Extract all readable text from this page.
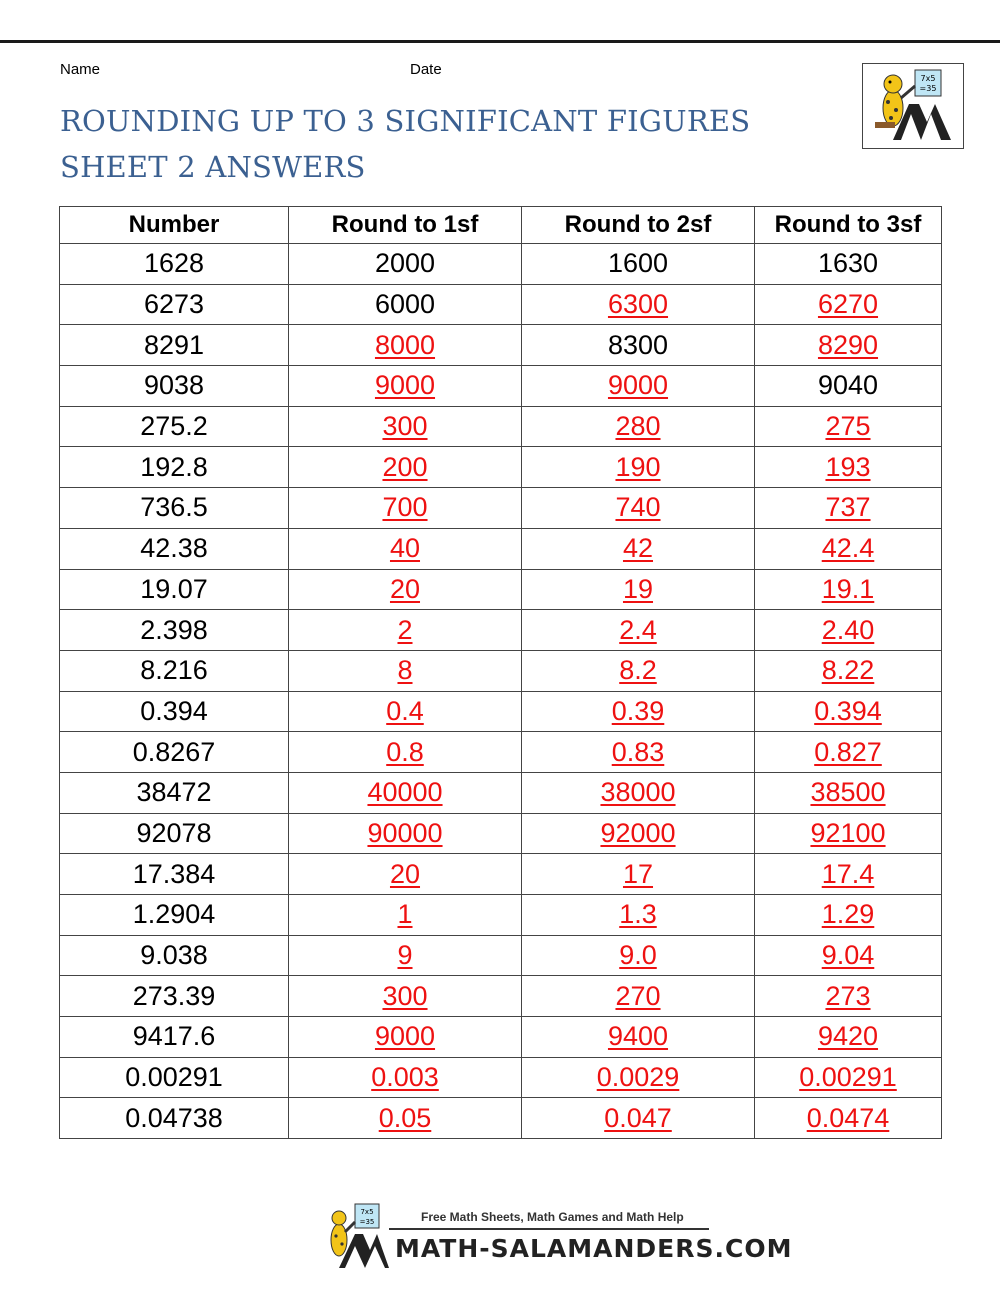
Name	Date
ROUNDING UP TO 3 SIGNIFICANT FIGURES
SHEET 2 ANSWERS
7x5
=35
Number	Round to 1sf	Round to 2sf	Round to 3sf
1628	2000	1600	1630
6273	6000	6300	6270
8291	8000	8300	8290
9038	9000	9000	9040
275.2	300	280	275
192.8	200	190	193
736.5	700	740	737
42.38	40	42	42.4
19.07	20	19	19.1
2.398	2	2.4	2.40
8.216	8	8.2	8.22
0.394	0.4	0.39	0.394
0.8267	0.8	0.83	0.827
38472	40000	38000	38500
92078	90000	92000	92100
17.384	20	17	17.4
1.2904	1	1.3	1.29
9.038	9	9.0	9.04
273.39	300	270	273
9417.6	9000	9400	9420
0.00291	0.003	0.0029	0.00291
0.04738	0.05	0.047	0.0474
7x5
=35	Free Math Sheets, Math Games and Math Help
MATH-SALAMANDERS.COM
